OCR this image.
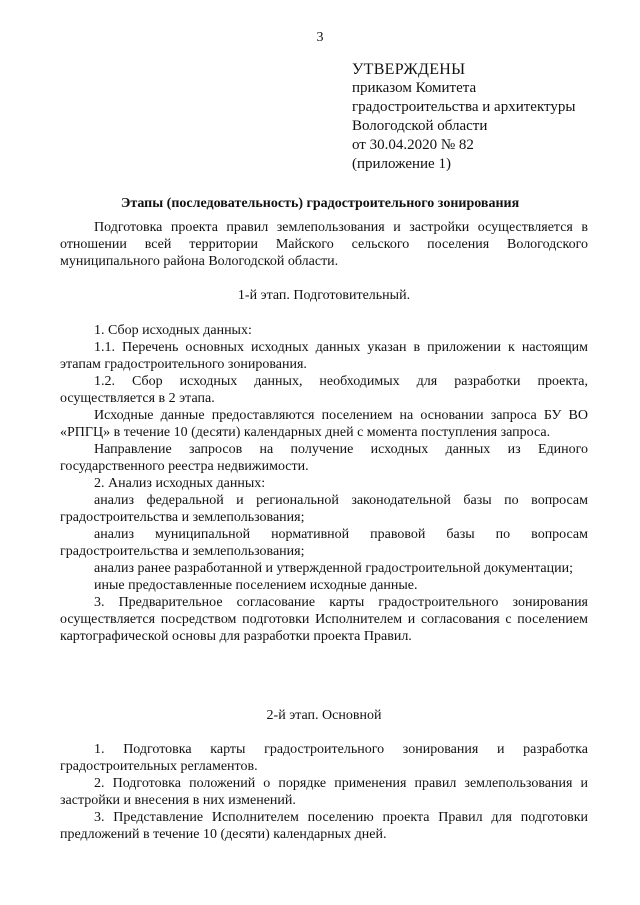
3
УТВЕРЖДЕНЫ
приказом Комитета
градостроительства и архитектуры
Вологодской области
от 30.04.2020 № 82
(приложение 1)
Этапы (последовательность) градостроительного зонирования

Подготовка проекта правил землепользования и застройки осуществляется в отношении всей территории Майского сельского поселения Вологодского муниципального района Вологодской области.

1-й этап. Подготовительный.

1. Сбор исходных данных:

1.1. Перечень основных исходных данных указан в приложении к настоящим этапам градостроительного зонирования.

1.2. Сбор исходных данных, необходимых для разработки проекта, осуществляется в 2 этапа.

Исходные данные предоставляются поселением на основании запроса БУ ВО «РПГЦ» в течение 10 (десяти) календарных дней с момента поступления запроса.

Направление запросов на получение исходных данных из Единого государственного реестра недвижимости.

2. Анализ исходных данных:

анализ федеральной и региональной законодательной базы по вопросам градостроительства и землепользования;

анализ муниципальной нормативной правовой базы по вопросам градостроительства и землепользования;

анализ ранее разработанной и утвержденной градостроительной документации;

иные предоставленные поселением исходные данные.

3. Предварительное согласование карты градостроительного зонирования осуществляется посредством подготовки Исполнителем и согласования с поселением картографической основы для разработки проекта Правил.

2-й этап. Основной

1. Подготовка карты градостроительного зонирования и разработка градостроительных регламентов.

2. Подготовка положений о порядке применения правил землепользования и застройки и внесения в них изменений.

3. Представление Исполнителем поселению проекта Правил для подготовки предложений в течение 10 (десяти) календарных дней.
